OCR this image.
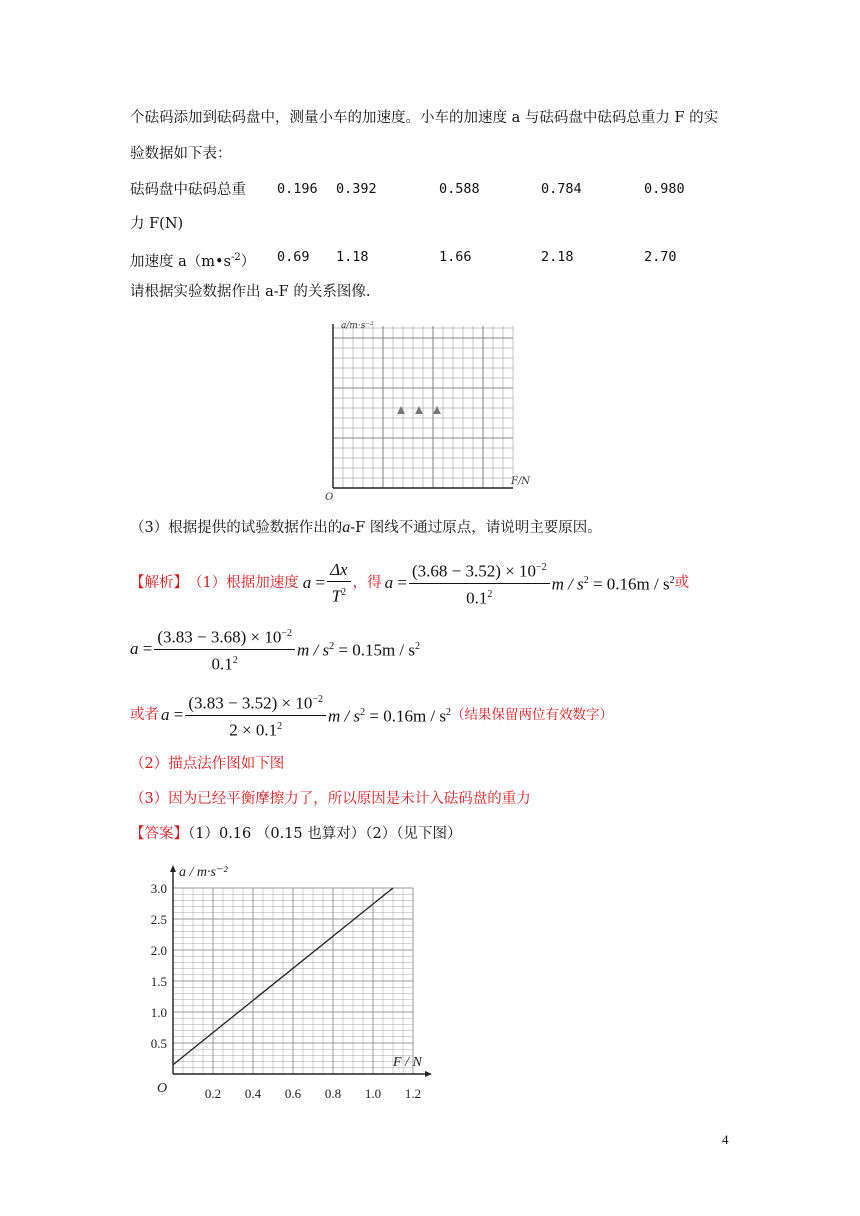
个砝码添加到砝码盘中，测量小车的加速度。小车的加速度 a 与砝码盘中砝码总重力 F 的实
验数据如下表：
砝码盘中砝码总重 0.196 0.392	0.588	0.784	0.980
力 F(N)
加速度 $a(m•s^{-2})$ 0.69 1.18	1.66	2.18	2.70
请根据实验数据作出 a-F 的关系图像.
a/m·s⁻²
F/N
O
（3）根据提供的试验数据作出的a-F 图线不通过原点，请说明主要原因。
【解析】 （1）根据加速度 $a = \frac{\Delta x}{T^2}$ ，得 $a = \frac{(3.68 - 3.52) \times 10^{-2}}{0.1^2}$ $m / s^2 = 0.16m / s^2$ 或
$a = \frac{(3.83 - 3.68) \times 10^{-2}}{0.1^2}$ $m / s^2 = 0.15m / s^2$
或者 $a = \frac{(3.83 - 3.52) \times 10^{-2}}{2 \times 0.1^2}$ $m / s^2 = 0.16m / s^2$ （结果保留两位有效数字）
（2）描点法作图如下图
（3）因为已经平衡摩擦力了，所以原因是未计入砝码盘的重力
【答案】（1）0.16 （0.15 也算对）（2）（见下图）
a / m·s⁻²
F / N
O	0.2 0.4 0.6 0.8 1.0 1.2
0.5
1.0
1.5
2.0
2.5
3.0
4
